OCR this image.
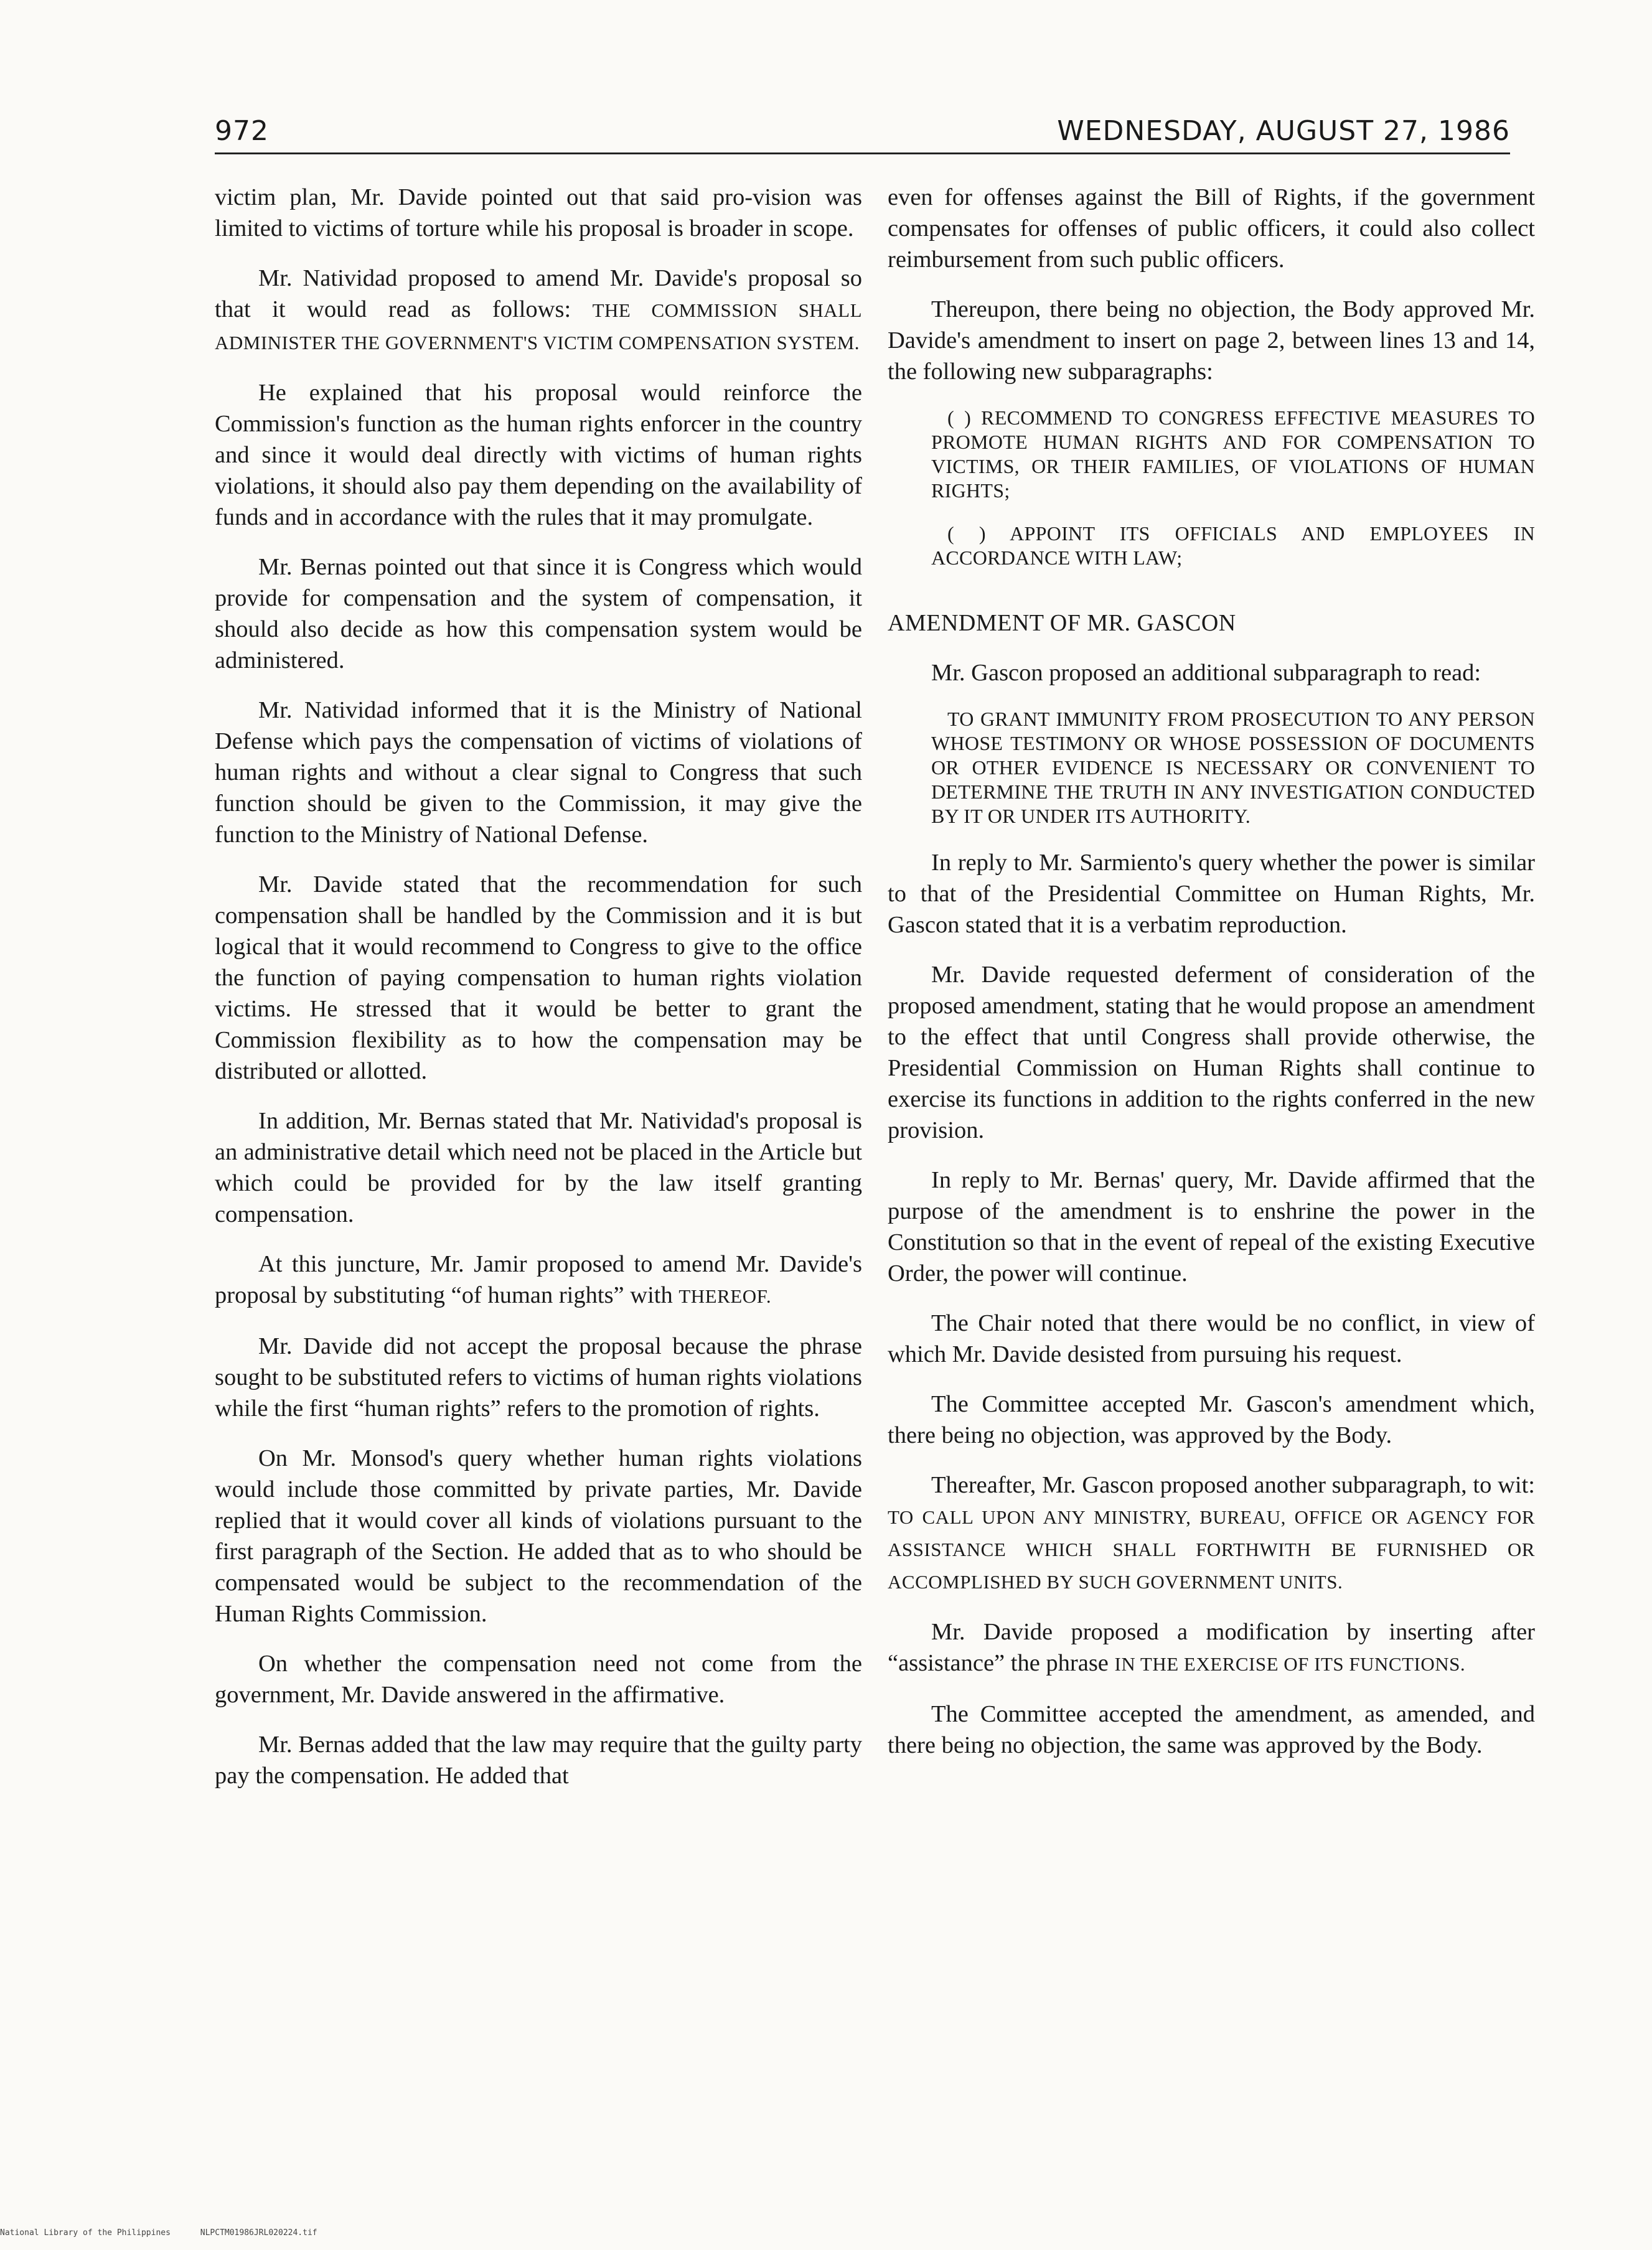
972	WEDNESDAY, AUGUST 27, 1986

victim plan, Mr. Davide pointed out that said pro-vision was limited to victims of torture while his proposal is broader in scope.

Mr. Natividad proposed to amend Mr. Davide's proposal so that it would read as follows: THE COMMISSION SHALL ADMINISTER THE GOVERNMENT'S VICTIM COMPENSATION SYSTEM.

He explained that his proposal would reinforce the Commission's function as the human rights enforcer in the country and since it would deal directly with victims of human rights violations, it should also pay them depending on the availability of funds and in accordance with the rules that it may promulgate.

Mr. Bernas pointed out that since it is Congress which would provide for compensation and the system of compensation, it should also decide as how this compensation system would be administered.

Mr. Natividad informed that it is the Ministry of National Defense which pays the compensation of victims of violations of human rights and without a clear signal to Congress that such function should be given to the Commission, it may give the function to the Ministry of National Defense.

Mr. Davide stated that the recommendation for such compensation shall be handled by the Commission and it is but logical that it would recommend to Congress to give to the office the function of paying compensation to human rights violation victims. He stressed that it would be better to grant the Commission flexibility as to how the compensation may be distributed or allotted.

In addition, Mr. Bernas stated that Mr. Natividad's proposal is an administrative detail which need not be placed in the Article but which could be provided for by the law itself granting compensation.

At this juncture, Mr. Jamir proposed to amend Mr. Davide's proposal by substituting “of human rights” with THEREOF.

Mr. Davide did not accept the proposal because the phrase sought to be substituted refers to victims of human rights violations while the first “human rights” refers to the promotion of rights.

On Mr. Monsod's query whether human rights violations would include those committed by private parties, Mr. Davide replied that it would cover all kinds of violations pursuant to the first paragraph of the Section. He added that as to who should be compensated would be subject to the recommendation of the Human Rights Commission.

On whether the compensation need not come from the government, Mr. Davide answered in the affirmative.

Mr. Bernas added that the law may require that the guilty party pay the compensation. He added that

even for offenses against the Bill of Rights, if the government compensates for offenses of public officers, it could also collect reimbursement from such public officers.

Thereupon, there being no objection, the Body approved Mr. Davide's amendment to insert on page 2, between lines 13 and 14, the following new subparagraphs:

( ) RECOMMEND TO CONGRESS EFFECTIVE MEASURES TO PROMOTE HUMAN RIGHTS AND FOR COMPENSATION TO VICTIMS, OR THEIR FAMILIES, OF VIOLATIONS OF HUMAN RIGHTS;
( ) APPOINT ITS OFFICIALS AND EMPLOYEES IN ACCORDANCE WITH LAW;
AMENDMENT OF MR. GASCON

Mr. Gascon proposed an additional subparagraph to read:

TO GRANT IMMUNITY FROM PROSECUTION TO ANY PERSON WHOSE TESTIMONY OR WHOSE POSSESSION OF DOCUMENTS OR OTHER EVIDENCE IS NECESSARY OR CONVENIENT TO DETERMINE THE TRUTH IN ANY INVESTIGATION CONDUCTED BY IT OR UNDER ITS AUTHORITY.

In reply to Mr. Sarmiento's query whether the power is similar to that of the Presidential Committee on Human Rights, Mr. Gascon stated that it is a verbatim reproduction.

Mr. Davide requested deferment of consideration of the proposed amendment, stating that he would propose an amendment to the effect that until Congress shall provide otherwise, the Presidential Commission on Human Rights shall continue to exercise its functions in addition to the rights conferred in the new provision.

In reply to Mr. Bernas' query, Mr. Davide affirmed that the purpose of the amendment is to enshrine the power in the Constitution so that in the event of repeal of the existing Executive Order, the power will continue.

The Chair noted that there would be no conflict, in view of which Mr. Davide desisted from pursuing his request.

The Committee accepted Mr. Gascon's amendment which, there being no objection, was approved by the Body.

Thereafter, Mr. Gascon proposed another subparagraph, to wit: TO CALL UPON ANY MINISTRY, BUREAU, OFFICE OR AGENCY FOR ASSISTANCE WHICH SHALL FORTHWITH BE FURNISHED OR ACCOMPLISHED BY SUCH GOVERNMENT UNITS.

Mr. Davide proposed a modification by inserting after “assistance” the phrase IN THE EXERCISE OF ITS FUNCTIONS.

The Committee accepted the amendment, as amended, and there being no objection, the same was approved by the Body.

National Library of the Philippines	NLPCTM01986JRL020224.tif
